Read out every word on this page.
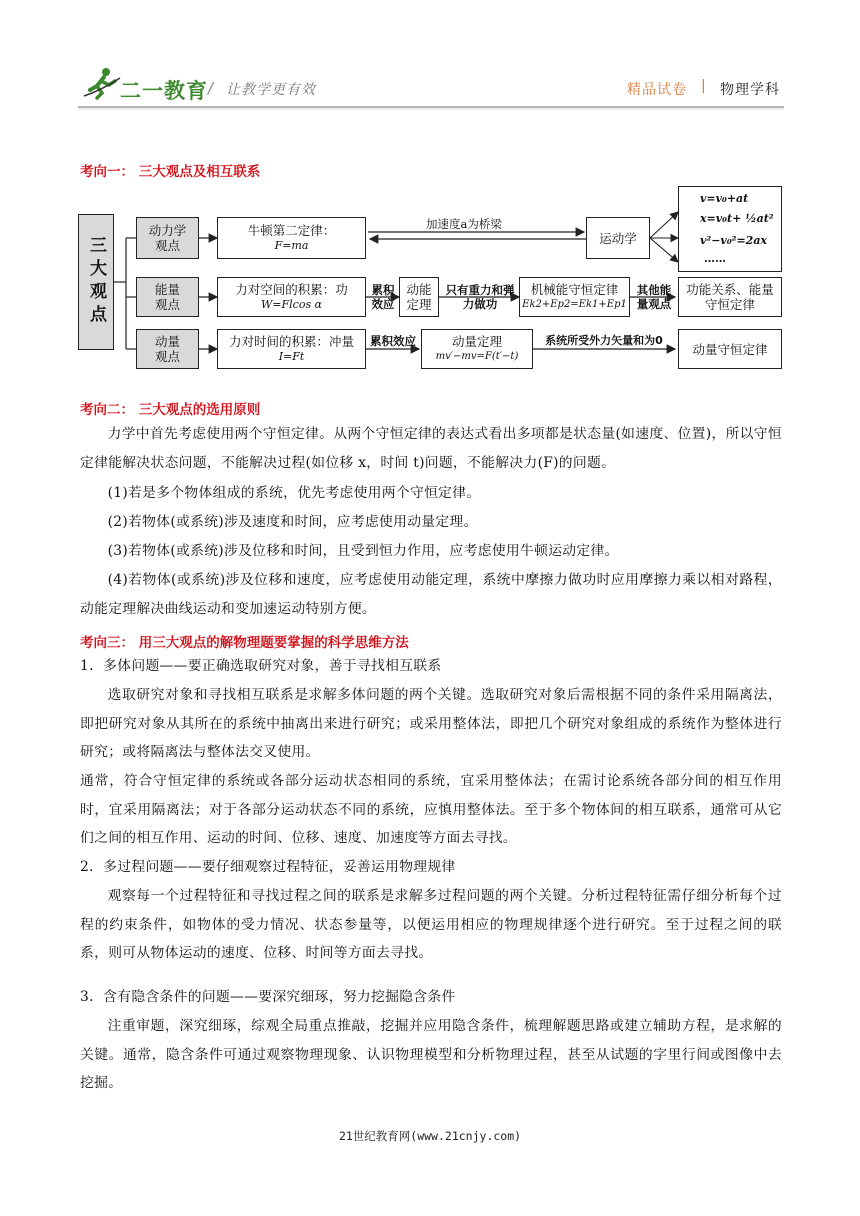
二一教育 / 让教学更有效	精品试卷 | 物理学科
考向一： 三大观点及相互联系
三大观点
动力学观点
牛顿第二定律：
F=ma
加速度a为桥梁
运动学
v=v₀+at
x=v₀t+ ½at²
v²−v₀²=2ax
……
能量观点
力对空间的积累：功
W=Flcos α
累积效应
动能定理
只有重力和弹力做功
机械能守恒定律
Ek2+Ep2=Ek1+Ep1
其他能量观点
功能关系、能量守恒定律
动量观点
力对时间的积累：冲量
I=Ft
累积效应	动量定理
mv′−mv=F(t′−t)
系统所受外力矢量和为0
动量守恒定律
考向二： 三大观点的选用原则
力学中首先考虑使用两个守恒定律。从两个守恒定律的表达式看出多项都是状态量(如速度、位置)，所以守恒定律能解决状态问题，不能解决过程(如位移 x，时间 t)问题，不能解决力(F)的问题。
(1)若是多个物体组成的系统，优先考虑使用两个守恒定律。
(2)若物体(或系统)涉及速度和时间，应考虑使用动量定理。
(3)若物体(或系统)涉及位移和时间，且受到恒力作用，应考虑使用牛顿运动定律。
(4)若物体(或系统)涉及位移和速度，应考虑使用动能定理，系统中摩擦力做功时应用摩擦力乘以相对路程，动能定理解决曲线运动和变加速运动特别方便。
考向三： 用三大观点的解物理题要掌握的科学思维方法
1．多体问题——要正确选取研究对象，善于寻找相互联系
选取研究对象和寻找相互联系是求解多体问题的两个关键。选取研究对象后需根据不同的条件采用隔离法，即把研究对象从其所在的系统中抽离出来进行研究；或采用整体法，即把几个研究对象组成的系统作为整体进行研究；或将隔离法与整体法交叉使用。
通常，符合守恒定律的系统或各部分运动状态相同的系统，宜采用整体法；在需讨论系统各部分间的相互作用时，宜采用隔离法；对于各部分运动状态不同的系统，应慎用整体法。至于多个物体间的相互联系，通常可从它们之间的相互作用、运动的时间、位移、速度、加速度等方面去寻找。
2．多过程问题——要仔细观察过程特征，妥善运用物理规律
观察每一个过程特征和寻找过程之间的联系是求解多过程问题的两个关键。分析过程特征需仔细分析每个过程的约束条件，如物体的受力情况、状态参量等，以便运用相应的物理规律逐个进行研究。至于过程之间的联系，则可从物体运动的速度、位移、时间等方面去寻找。
3．含有隐含条件的问题——要深究细琢，努力挖掘隐含条件
注重审题，深究细琢，综观全局重点推敲，挖掘并应用隐含条件，梳理解题思路或建立辅助方程，是求解的关键。通常，隐含条件可通过观察物理现象、认识物理模型和分析物理过程，甚至从试题的字里行间或图像中去挖掘。
21世纪教育网(www.21cnjy.com)
